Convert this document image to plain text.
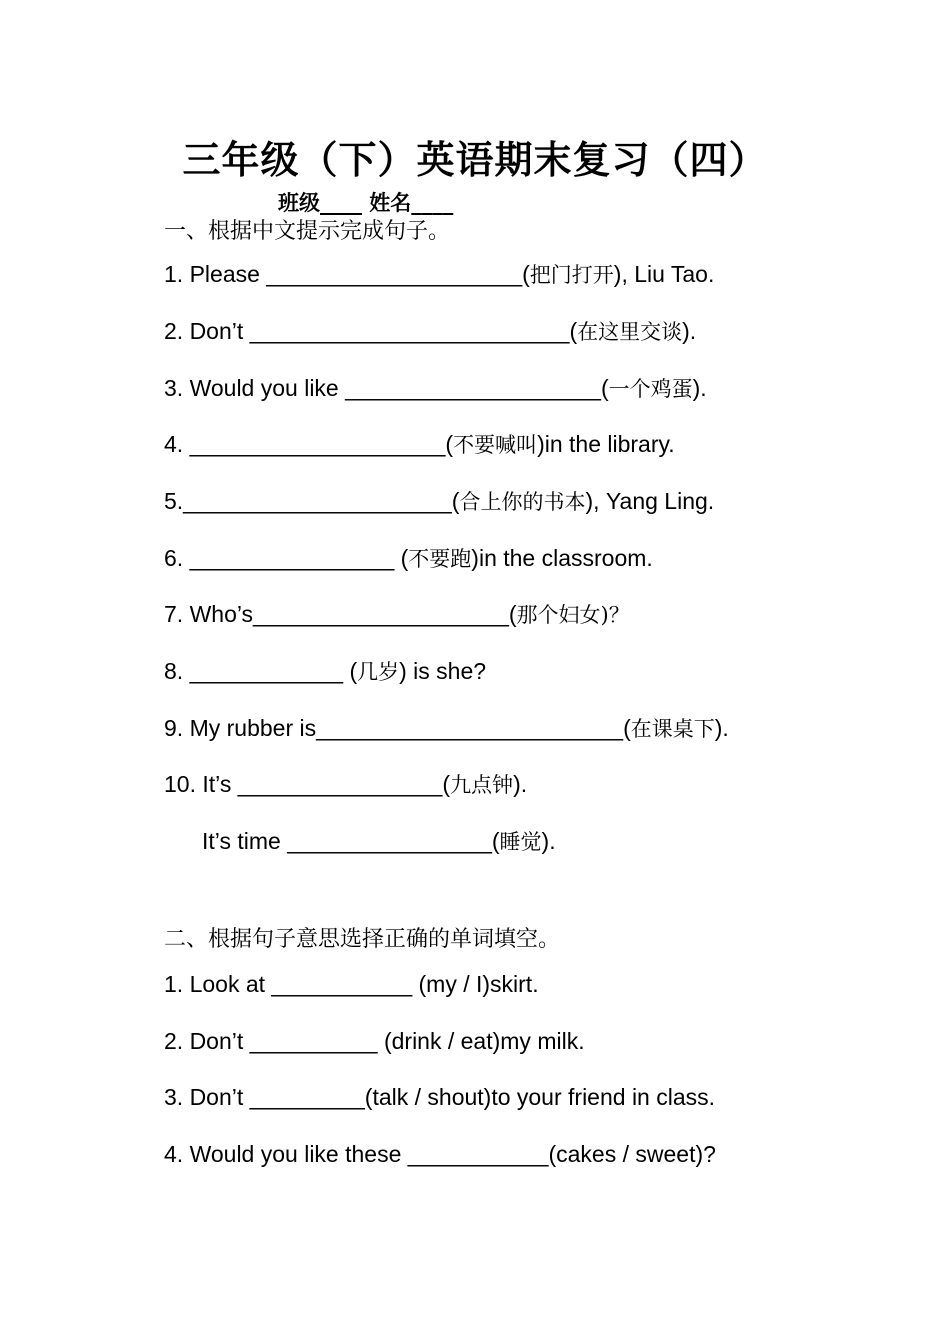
三年级（下）英语期末复习（四）
班级____ 姓名____
一、根据中文提示完成句子。
1. Please ____________________(把门打开), Liu Tao.
2. Don’t _________________________(在这里交谈).
3. Would you like ____________________(一个鸡蛋).
4. ____________________(不要喊叫)in the library.
5._____________________(合上你的书本), Yang Ling.
6. ________________ (不要跑)in the classroom.
7. Who’s____________________(那个妇女)？
8. ____________ (几岁) is she?
9. My rubber is________________________(在课桌下).
10. It’s ________________(九点钟).
It’s time ________________(睡觉).
二、根据句子意思选择正确的单词填空。
1. Look at ___________ (my / I)skirt.
2. Don’t __________ (drink / eat)my milk.
3. Don’t _________(talk / shout)to your friend in class.
4. Would you like these ___________(cakes / sweet)?
